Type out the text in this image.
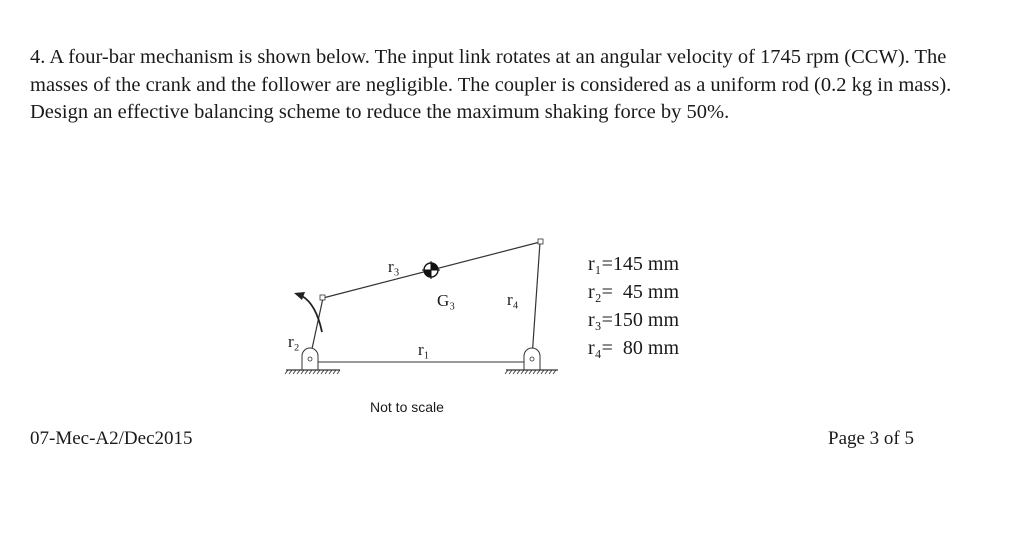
4. A four-bar mechanism is shown below. The input link rotates at an angular velocity of 1745 rpm (CCW). The masses of the crank and the follower are negligible. The coupler is considered as a uniform rod (0.2 kg in mass). Design an effective balancing scheme to reduce the maximum shaking force by 50%.

r₃
G₃	r₄
r₂	r₁
r₁=145 mm
r₂=  45 mm
r₃=150 mm
r₄=  80 mm
Not to scale
07-Mec-A2/Dec2015	Page 3 of 5
